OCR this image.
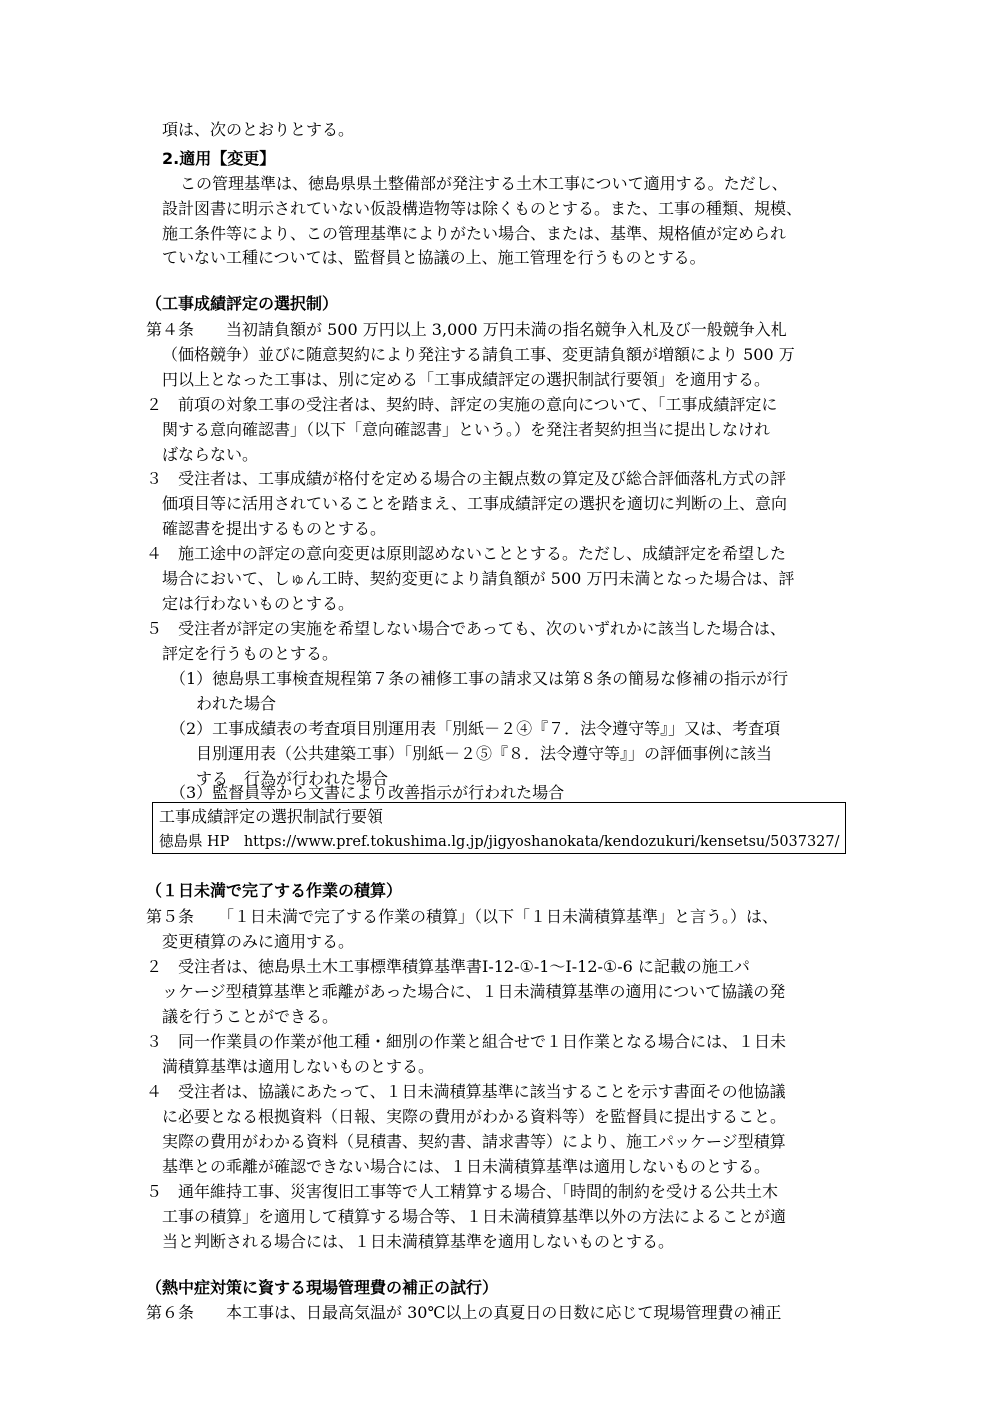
項は、次のとおりとする。
2.適用【変更】
この管理基準は、徳島県県土整備部が発注する土木工事について適用する。ただし、
設計図書に明示されていない仮設構造物等は除くものとする。また、工事の種類、規模、
施工条件等により、この管理基準によりがたい場合、または、基準、規格値が定められ
ていない工種については、監督員と協議の上、施工管理を行うものとする。
（工事成績評定の選択制）
第４条　　当初請負額が 500 万円以上 3,000 万円未満の指名競争入札及び一般競争入札
（価格競争）並びに随意契約により発注する請負工事、変更請負額が増額により 500 万
円以上となった工事は、別に定める「工事成績評定の選択制試行要領」を適用する。
２　前項の対象工事の受注者は、契約時、評定の実施の意向について、「工事成績評定に
関する意向確認書」（以下「意向確認書」という。）を発注者契約担当に提出しなけれ
ばならない。
３　受注者は、工事成績が格付を定める場合の主観点数の算定及び総合評価落札方式の評
価項目等に活用されていることを踏まえ、工事成績評定の選択を適切に判断の上、意向
確認書を提出するものとする。
４　施工途中の評定の意向変更は原則認めないこととする。ただし、成績評定を希望した
場合において、しゅん工時、契約変更により請負額が 500 万円未満となった場合は、評
定は行わないものとする。
５　受注者が評定の実施を希望しない場合であっても、次のいずれかに該当した場合は、
評定を行うものとする。
（1）徳島県工事検査規程第７条の補修工事の請求又は第８条の簡易な修補の指示が行
われた場合
（2）工事成績表の考査項目別運用表「別紙－２④『７．法令遵守等』」又は、考査項
目別運用表（公共建築工事）「別紙－２⑤『８．法令遵守等』」の評価事例に該当
する　行為が行われた場合
（3）監督員等から文書により改善指示が行われた場合
工事成績評定の選択制試行要領
徳島県 HP　https://www.pref.tokushima.lg.jp/jigyoshanokata/kendozukuri/kensetsu/5037327/
（１日未満で完了する作業の積算）
第５条　　「１日未満で完了する作業の積算」（以下「１日未満積算基準」と言う。）は、
変更積算のみに適用する。
２　受注者は、徳島県土木工事標準積算基準書Ⅰ-12-①-1～Ⅰ-12-①-6 に記載の施工パ
ッケージ型積算基準と乖離があった場合に、１日未満積算基準の適用について協議の発
議を行うことができる。
３　同一作業員の作業が他工種・細別の作業と組合せで１日作業となる場合には、１日未
満積算基準は適用しないものとする。
４　受注者は、協議にあたって、１日未満積算基準に該当することを示す書面その他協議
に必要となる根拠資料（日報、実際の費用がわかる資料等）を監督員に提出すること。
実際の費用がわかる資料（見積書、契約書、請求書等）により、施工パッケージ型積算
基準との乖離が確認できない場合には、１日未満積算基準は適用しないものとする。
５　通年維持工事、災害復旧工事等で人工精算する場合、「時間的制約を受ける公共土木
工事の積算」を適用して積算する場合等、１日未満積算基準以外の方法によることが適
当と判断される場合には、１日未満積算基準を適用しないものとする。
（熱中症対策に資する現場管理費の補正の試行）
第６条　　本工事は、日最高気温が 30℃以上の真夏日の日数に応じて現場管理費の補正
